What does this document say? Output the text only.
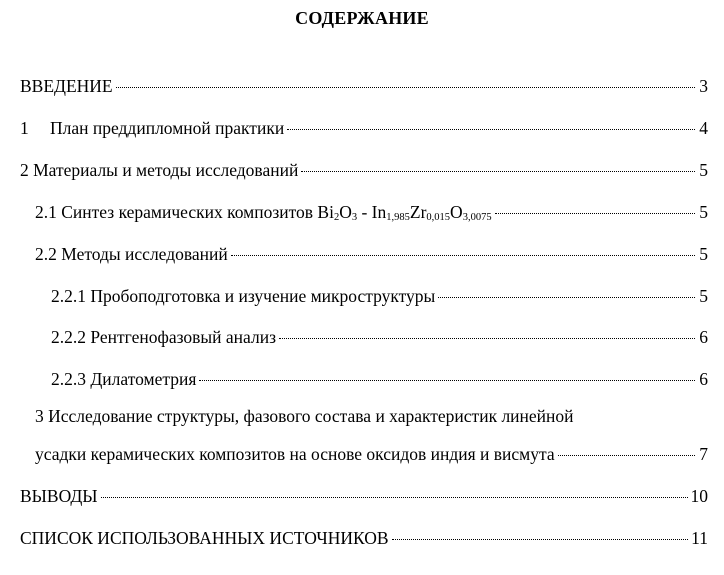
СОДЕРЖАНИЕ
ВВЕДЕНИЕ	3
1 План преддипломной практики	4
2 Материалы и методы исследований	5
2.1 Синтез керамических композитов $Bi_2O_3 - In_{1,985}Zr_{0,015}O_{3,0075}$	5
2.2 Методы исследований	5
2.2.1 Пробоподготовка и изучение микроструктуры	5
2.2.2 Рентгенофазовый анализ	6
2.2.3 Дилатометрия	6
3 Исследование структуры, фазового состава и характеристик линейной
усадки керамических композитов на основе оксидов индия и висмута	7
ВЫВОДЫ	10
СПИСОК ИСПОЛЬЗОВАННЫХ ИСТОЧНИКОВ	11
